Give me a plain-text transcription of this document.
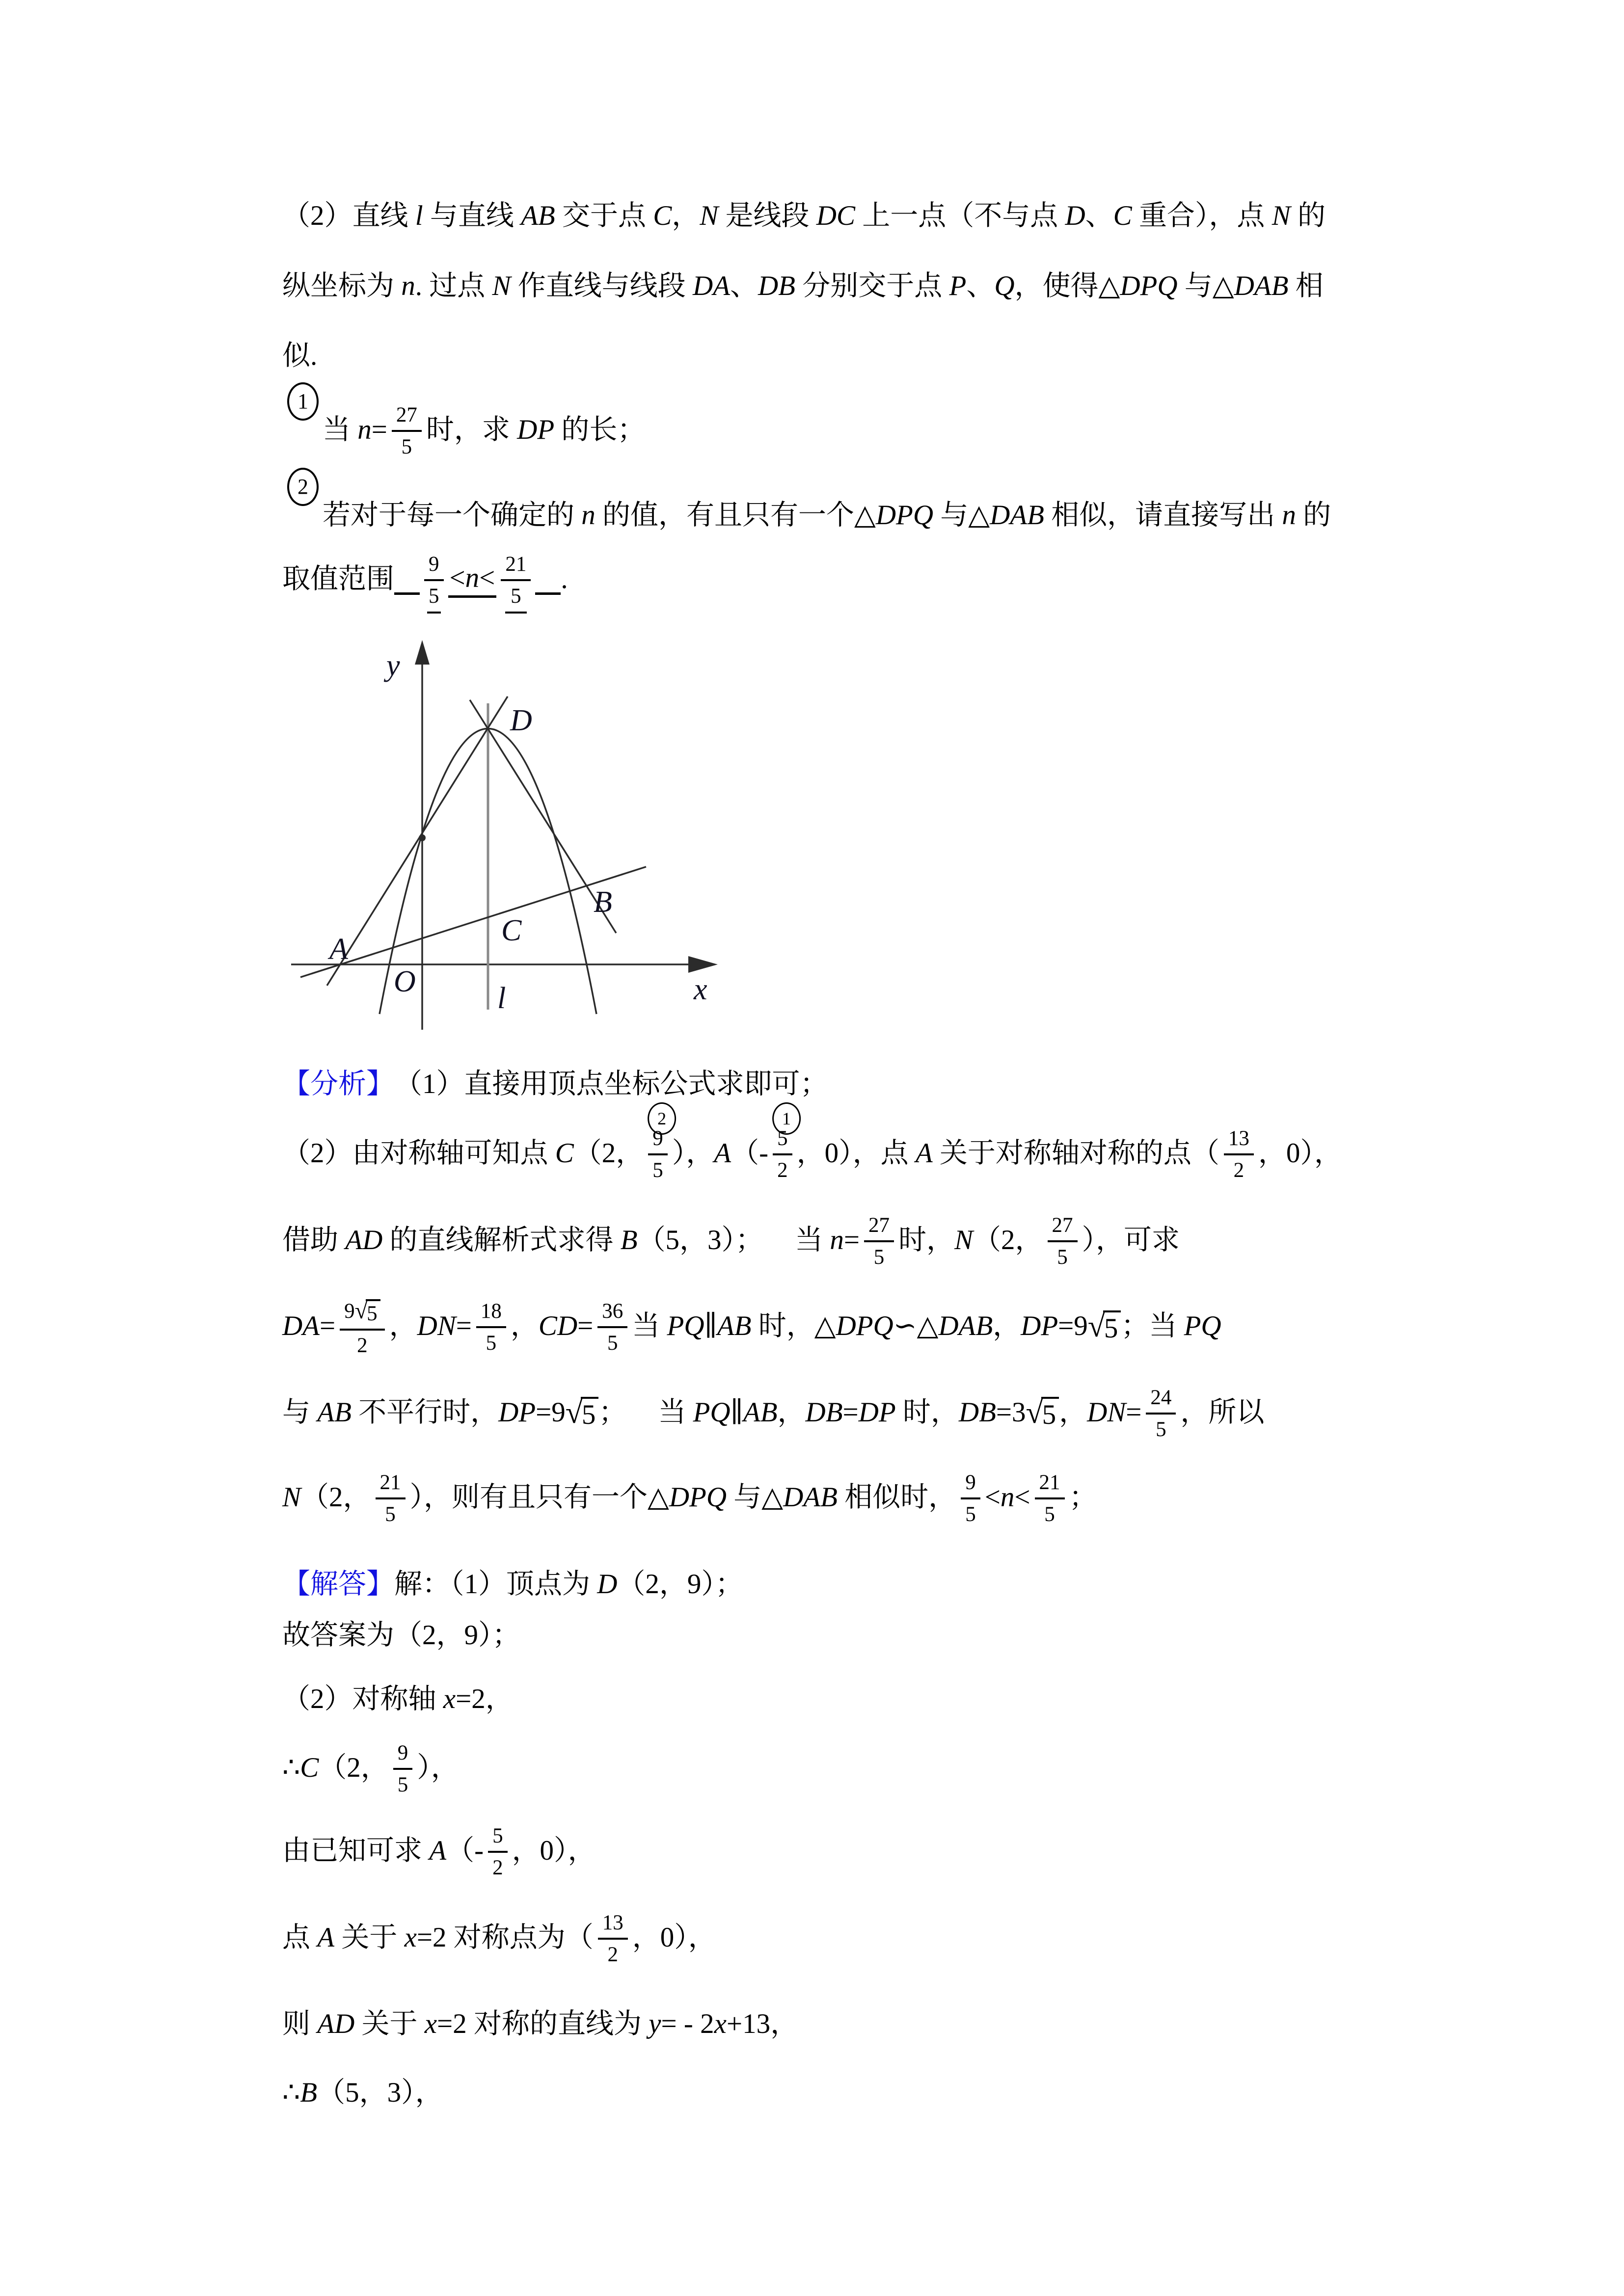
（2）直线 l 与直线 AB 交于点 C ， N 是线段 DC 上一点（不与点 D 、 C 重合），点 N 的
纵坐标为 n . 过点 N 作直线与线段 DA 、 DB 分别交于点 P 、 Q ，使得△ DPQ 与△ DAB 相
似.
1
当 $n = \frac{27}{5}$ 时，求 DP 的长；
2
若对于每一个确定的 n 的值，有且只有一个△ DPQ 与△ DAB 相似，请直接写出 n 的
取值范围 $\frac{9}{5} <n< \frac{21}{5}$ .
y
x
O
A
B
C
D
l
【分析】 （1）直接用顶点坐标公式求即可；
（2）由对称轴可知点 C （2，
2
9
5
）， A （-
1
5
2
，0），点 A 关于对称轴对称的点（ $\frac{13}{2}$ ，0），
借助 AD 的直线解析式求得 B （5，3）；
　 当 $n = \frac{27}{5}$ 时， N （2， $\frac{27}{5}$ ），可求
DA = 9 √
5
2 ， DN = $\frac{18}{5}$ ， CD = $\frac{36}{5}$ 当 PQ ∥ AB 时，△ DPQ ∽△ DAB ， DP =9 √
5 ；当 PQ
与 AB 不平行时， DP =9 √
5 ；
　 当 PQ ∥ AB ， DB = DP 时， DB =3 √
5 ， DN = $\frac{24}{5}$ ，所以
N （2， $\frac{21}{5}$ ），则有且只有一个△ DPQ 与△ DAB 相似时， $\frac{9}{5} < n < \frac{21}{5}$ ；
【解答】 解：（1）顶点为 D （2，9）；
故答案为（2，9）；
（2）对称轴 x =2，
∴ C （2， $\frac{9}{5}$ ），
由已知可求 A （- $\frac{5}{2}$ ，0），
点 A 关于 x =2 对称点为（ $\frac{13}{2}$ ，0），
则 AD 关于 x =2 对称的直线为 y = - 2 x +13，
∴ B （5，3），
